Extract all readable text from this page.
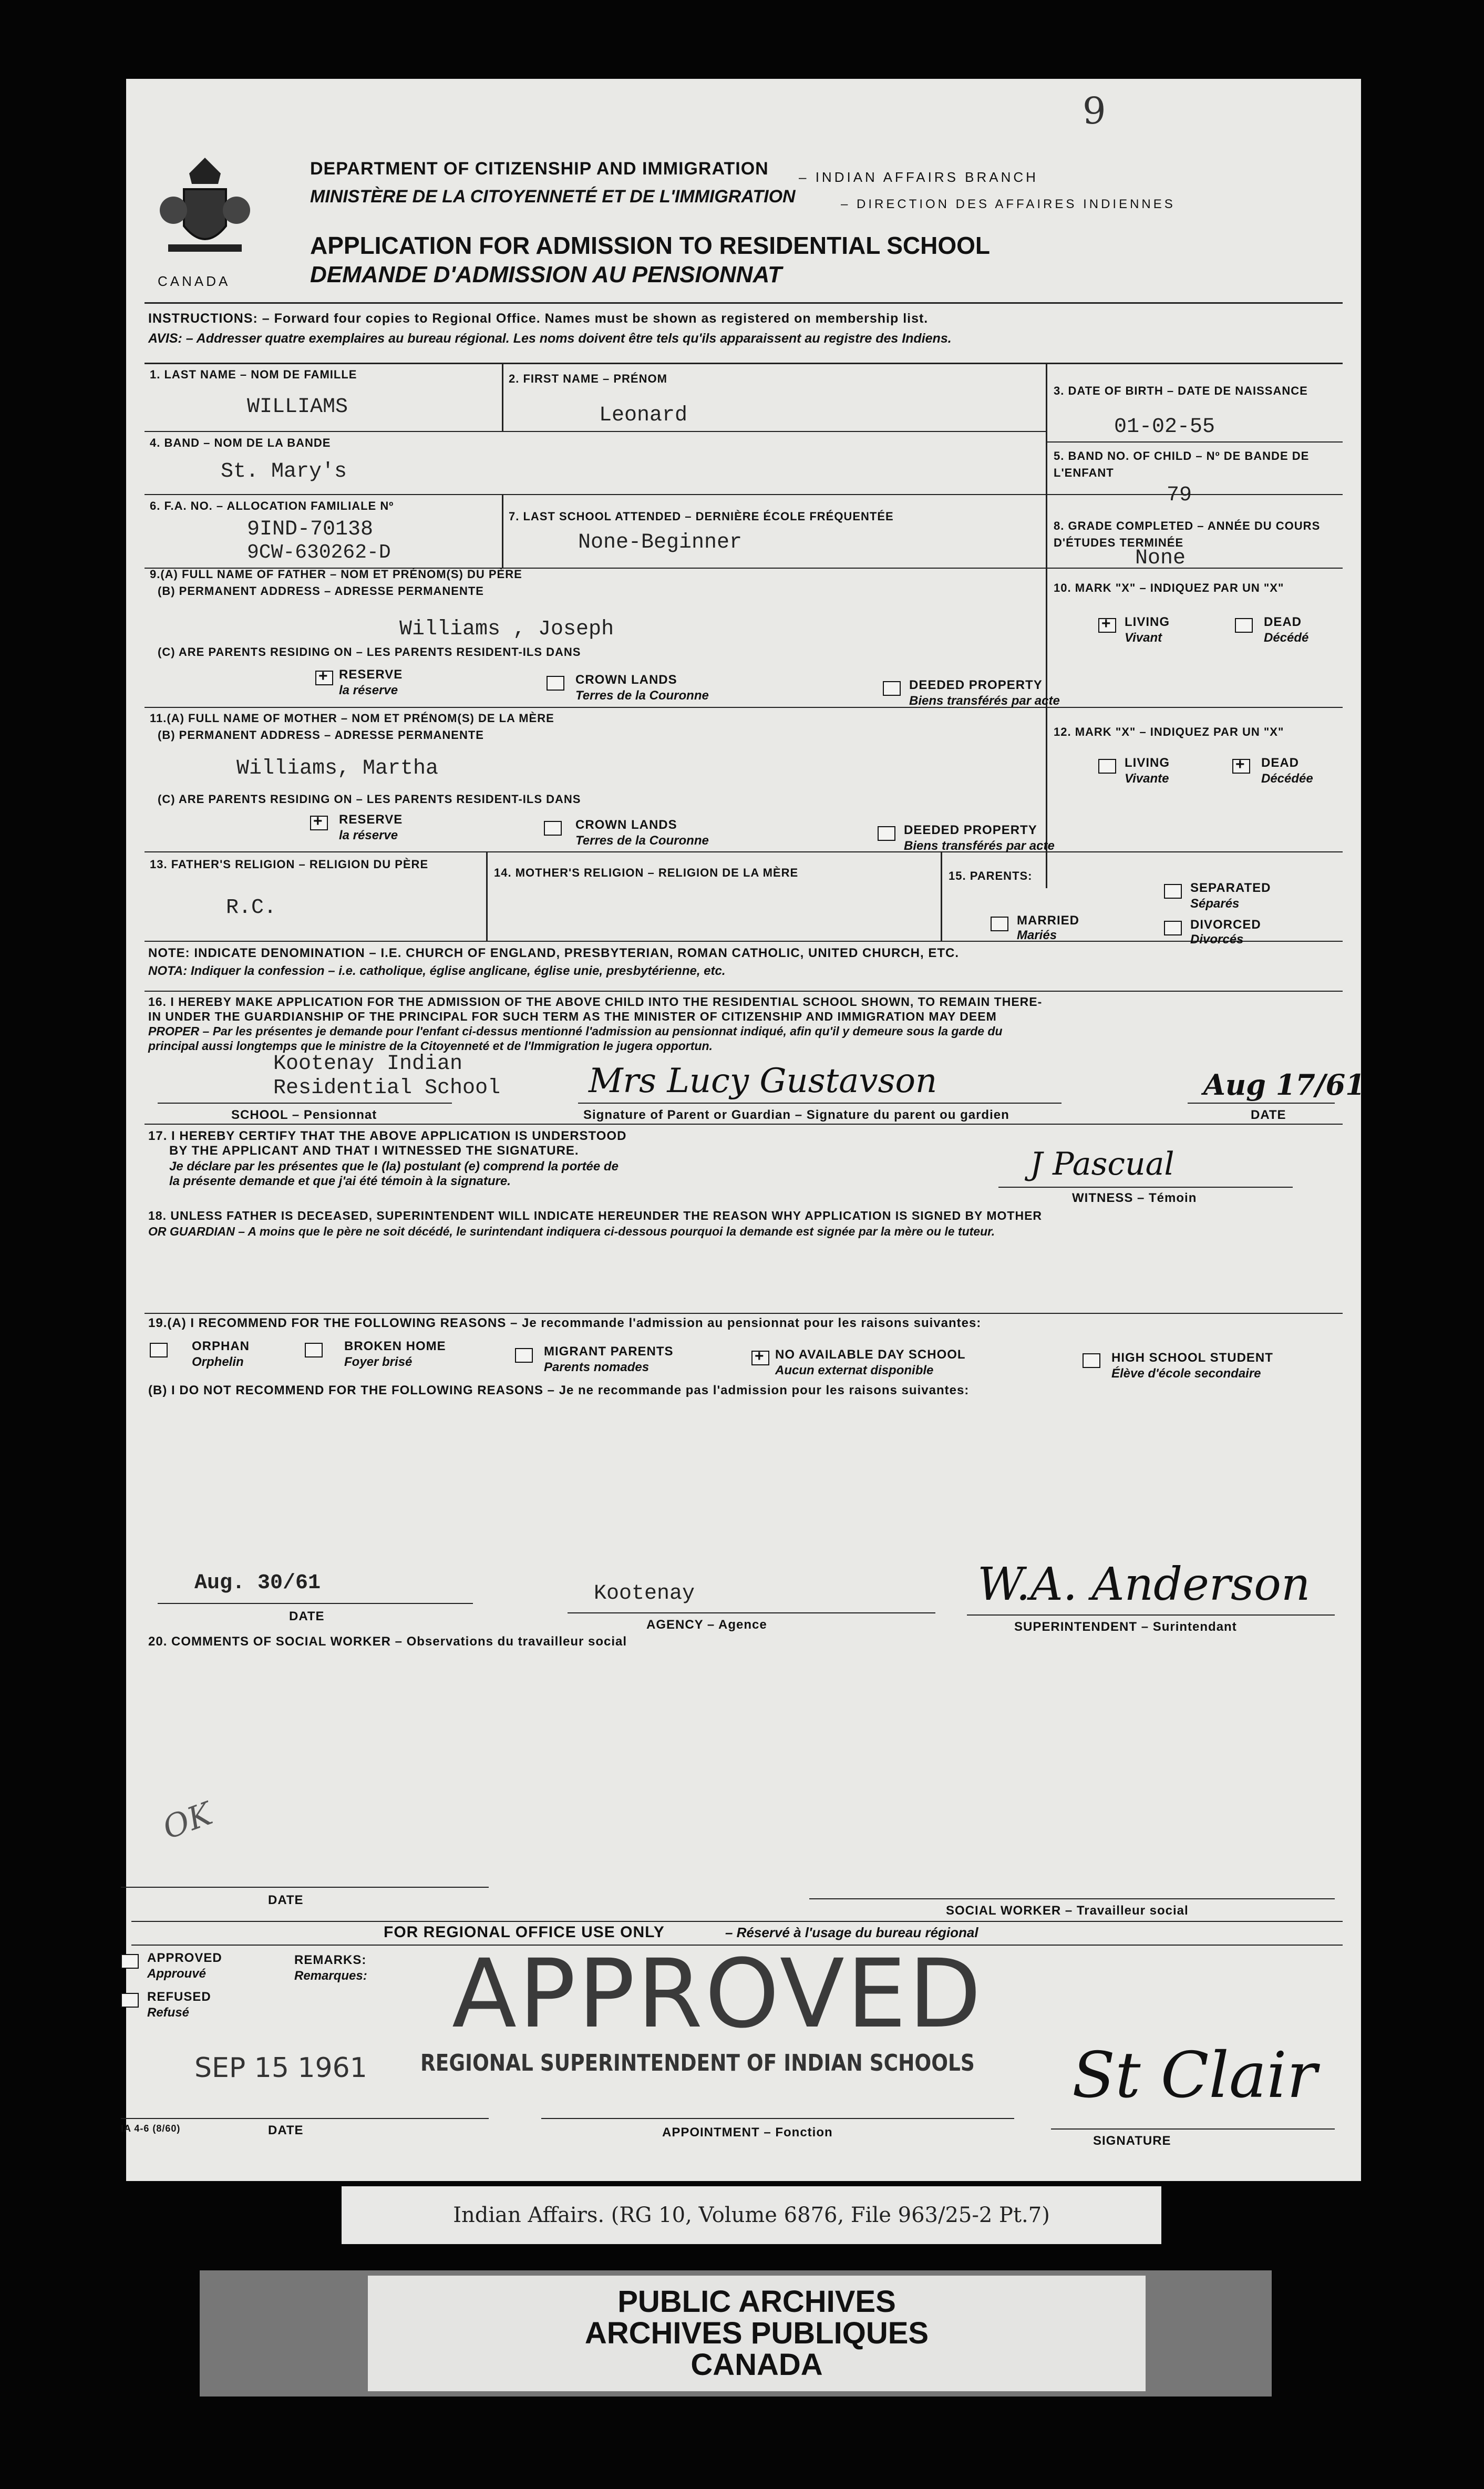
CANADA
9
DEPARTMENT OF CITIZENSHIP AND IMMIGRATION – INDIAN AFFAIRS BRANCH
MINISTÈRE DE LA CITOYENNETÉ ET DE L'IMMIGRATION	– DIRECTION DES AFFAIRES INDIENNES
APPLICATION FOR ADMISSION TO RESIDENTIAL SCHOOL
DEMANDE D'ADMISSION AU PENSIONNAT
INSTRUCTIONS: – Forward four copies to Regional Office. Names must be shown as registered on membership list.
AVIS: – Addresser quatre exemplaires au bureau régional. Les noms doivent être tels qu'ils apparaissent au registre des Indiens.
1. LAST NAME – NOM DE FAMILLE
WILLIAMS
2. FIRST NAME – PRÉNOM
Leonard
3. DATE OF BIRTH – DATE DE NAISSANCE
01-02-55
4. BAND – NOM DE LA BANDE
St. Mary's
5. BAND NO. OF CHILD – Nº DE BANDE DE L'ENFANT
79
6. F.A. NO. – ALLOCATION FAMILIALE Nº
9IND-70138
9CW-630262-D
7. LAST SCHOOL ATTENDED – DERNIÈRE ÉCOLE FRÉQUENTÉE
None-Beginner
8. GRADE COMPLETED – ANNÉE DU COURS D'ÉTUDES TERMINÉE
None
9.(A) FULL NAME OF FATHER – NOM ET PRÉNOM(S) DU PÈRE
(B) PERMANENT ADDRESS – ADRESSE PERMANENTE
Williams , Joseph
(C) ARE PARENTS RESIDING ON – LES PARENTS RESIDENT-ILS DANS
+
RESERVE
la réserve
CROWN LANDS
Terres de la Couronne
DEEDED PROPERTY
Biens transférés par acte
10. MARK "X" – INDIQUEZ PAR UN "X"
+
LIVING
Vivant
DEAD
Décédé
11.(A) FULL NAME OF MOTHER – NOM ET PRÉNOM(S) DE LA MÈRE
(B) PERMANENT ADDRESS – ADRESSE PERMANENTE
Williams, Martha
(C) ARE PARENTS RESIDING ON – LES PARENTS RESIDENT-ILS DANS
+
RESERVE
la réserve
CROWN LANDS
Terres de la Couronne
DEEDED PROPERTY
Biens transférés par acte
12. MARK "X" – INDIQUEZ PAR UN "X"
LIVING
Vivante
+
DEAD
Décédée
13. FATHER'S RELIGION – RELIGION DU PÈRE
R.C.
14. MOTHER'S RELIGION – RELIGION DE LA MÈRE	15. PARENTS:
SEPARATED
Séparés
MARRIED
Mariés
DIVORCED
Divorcés
NOTE: INDICATE DENOMINATION – I.E. CHURCH OF ENGLAND, PRESBYTERIAN, ROMAN CATHOLIC, UNITED CHURCH, ETC.
NOTA: Indiquer la confession – i.e. catholique, église anglicane, église unie, presbytérienne, etc.
16. I HEREBY MAKE APPLICATION FOR THE ADMISSION OF THE ABOVE CHILD INTO THE RESIDENTIAL SCHOOL SHOWN, TO REMAIN THERE-
IN UNDER THE GUARDIANSHIP OF THE PRINCIPAL FOR SUCH TERM AS THE MINISTER OF CITIZENSHIP AND IMMIGRATION MAY DEEM
PROPER – Par les présentes je demande pour l'enfant ci-dessus mentionné l'admission au pensionnat indiqué, afin qu'il y demeure sous la garde du
principal aussi longtemps que le ministre de la Citoyenneté et de l'Immigration le jugera opportun.
Kootenay Indian
Residential School
SCHOOL – Pensionnat
Mrs Lucy Gustavson
Signature of Parent or Guardian – Signature du parent ou gardien
Aug 17/61
DATE
17. I HEREBY CERTIFY THAT THE ABOVE APPLICATION IS UNDERSTOOD
BY THE APPLICANT AND THAT I WITNESSED THE SIGNATURE.
Je déclare par les présentes que le (la) postulant (e) comprend la portée de
la présente demande et que j'ai été témoin à la signature.	J Pascual
WITNESS – Témoin
18. UNLESS FATHER IS DECEASED, SUPERINTENDENT WILL INDICATE HEREUNDER THE REASON WHY APPLICATION IS SIGNED BY MOTHER
OR GUARDIAN – A moins que le père ne soit décédé, le surintendant indiquera ci-dessous pourquoi la demande est signée par la mère ou le tuteur.
19.(A) I RECOMMEND FOR THE FOLLOWING REASONS – Je recommande l'admission au pensionnat pour les raisons suivantes:
ORPHAN
Orphelin
BROKEN HOME
Foyer brisé
MIGRANT PARENTS
Parents nomades
+
NO AVAILABLE DAY SCHOOL
Aucun externat disponible
HIGH SCHOOL STUDENT
Élève d'école secondaire
(B) I DO NOT RECOMMEND FOR THE FOLLOWING REASONS – Je ne recommande pas l'admission pour les raisons suivantes:
Aug. 30/61
DATE
Kootenay
AGENCY – Agence
W.A. Anderson
SUPERINTENDENT – Surintendant
20. COMMENTS OF SOCIAL WORKER – Observations du travailleur social
OK
DATE
SOCIAL WORKER – Travailleur social
FOR REGIONAL OFFICE USE ONLY	– Réservé à l'usage du bureau régional
APPROVED
Approuvé
REFUSED
Refusé
REMARKS:
Remarques: APPROVED
REGIONAL SUPERINTENDENT OF INDIAN SCHOOLS
SEP 15 1961
IA 4-6 (8/60)	DATE	APPOINTMENT – Fonction
St Clair
SIGNATURE
Indian Affairs. (RG 10, Volume 6876, File 963/25-2 Pt.7)
PUBLIC ARCHIVES
ARCHIVES PUBLIQUES
CANADA
